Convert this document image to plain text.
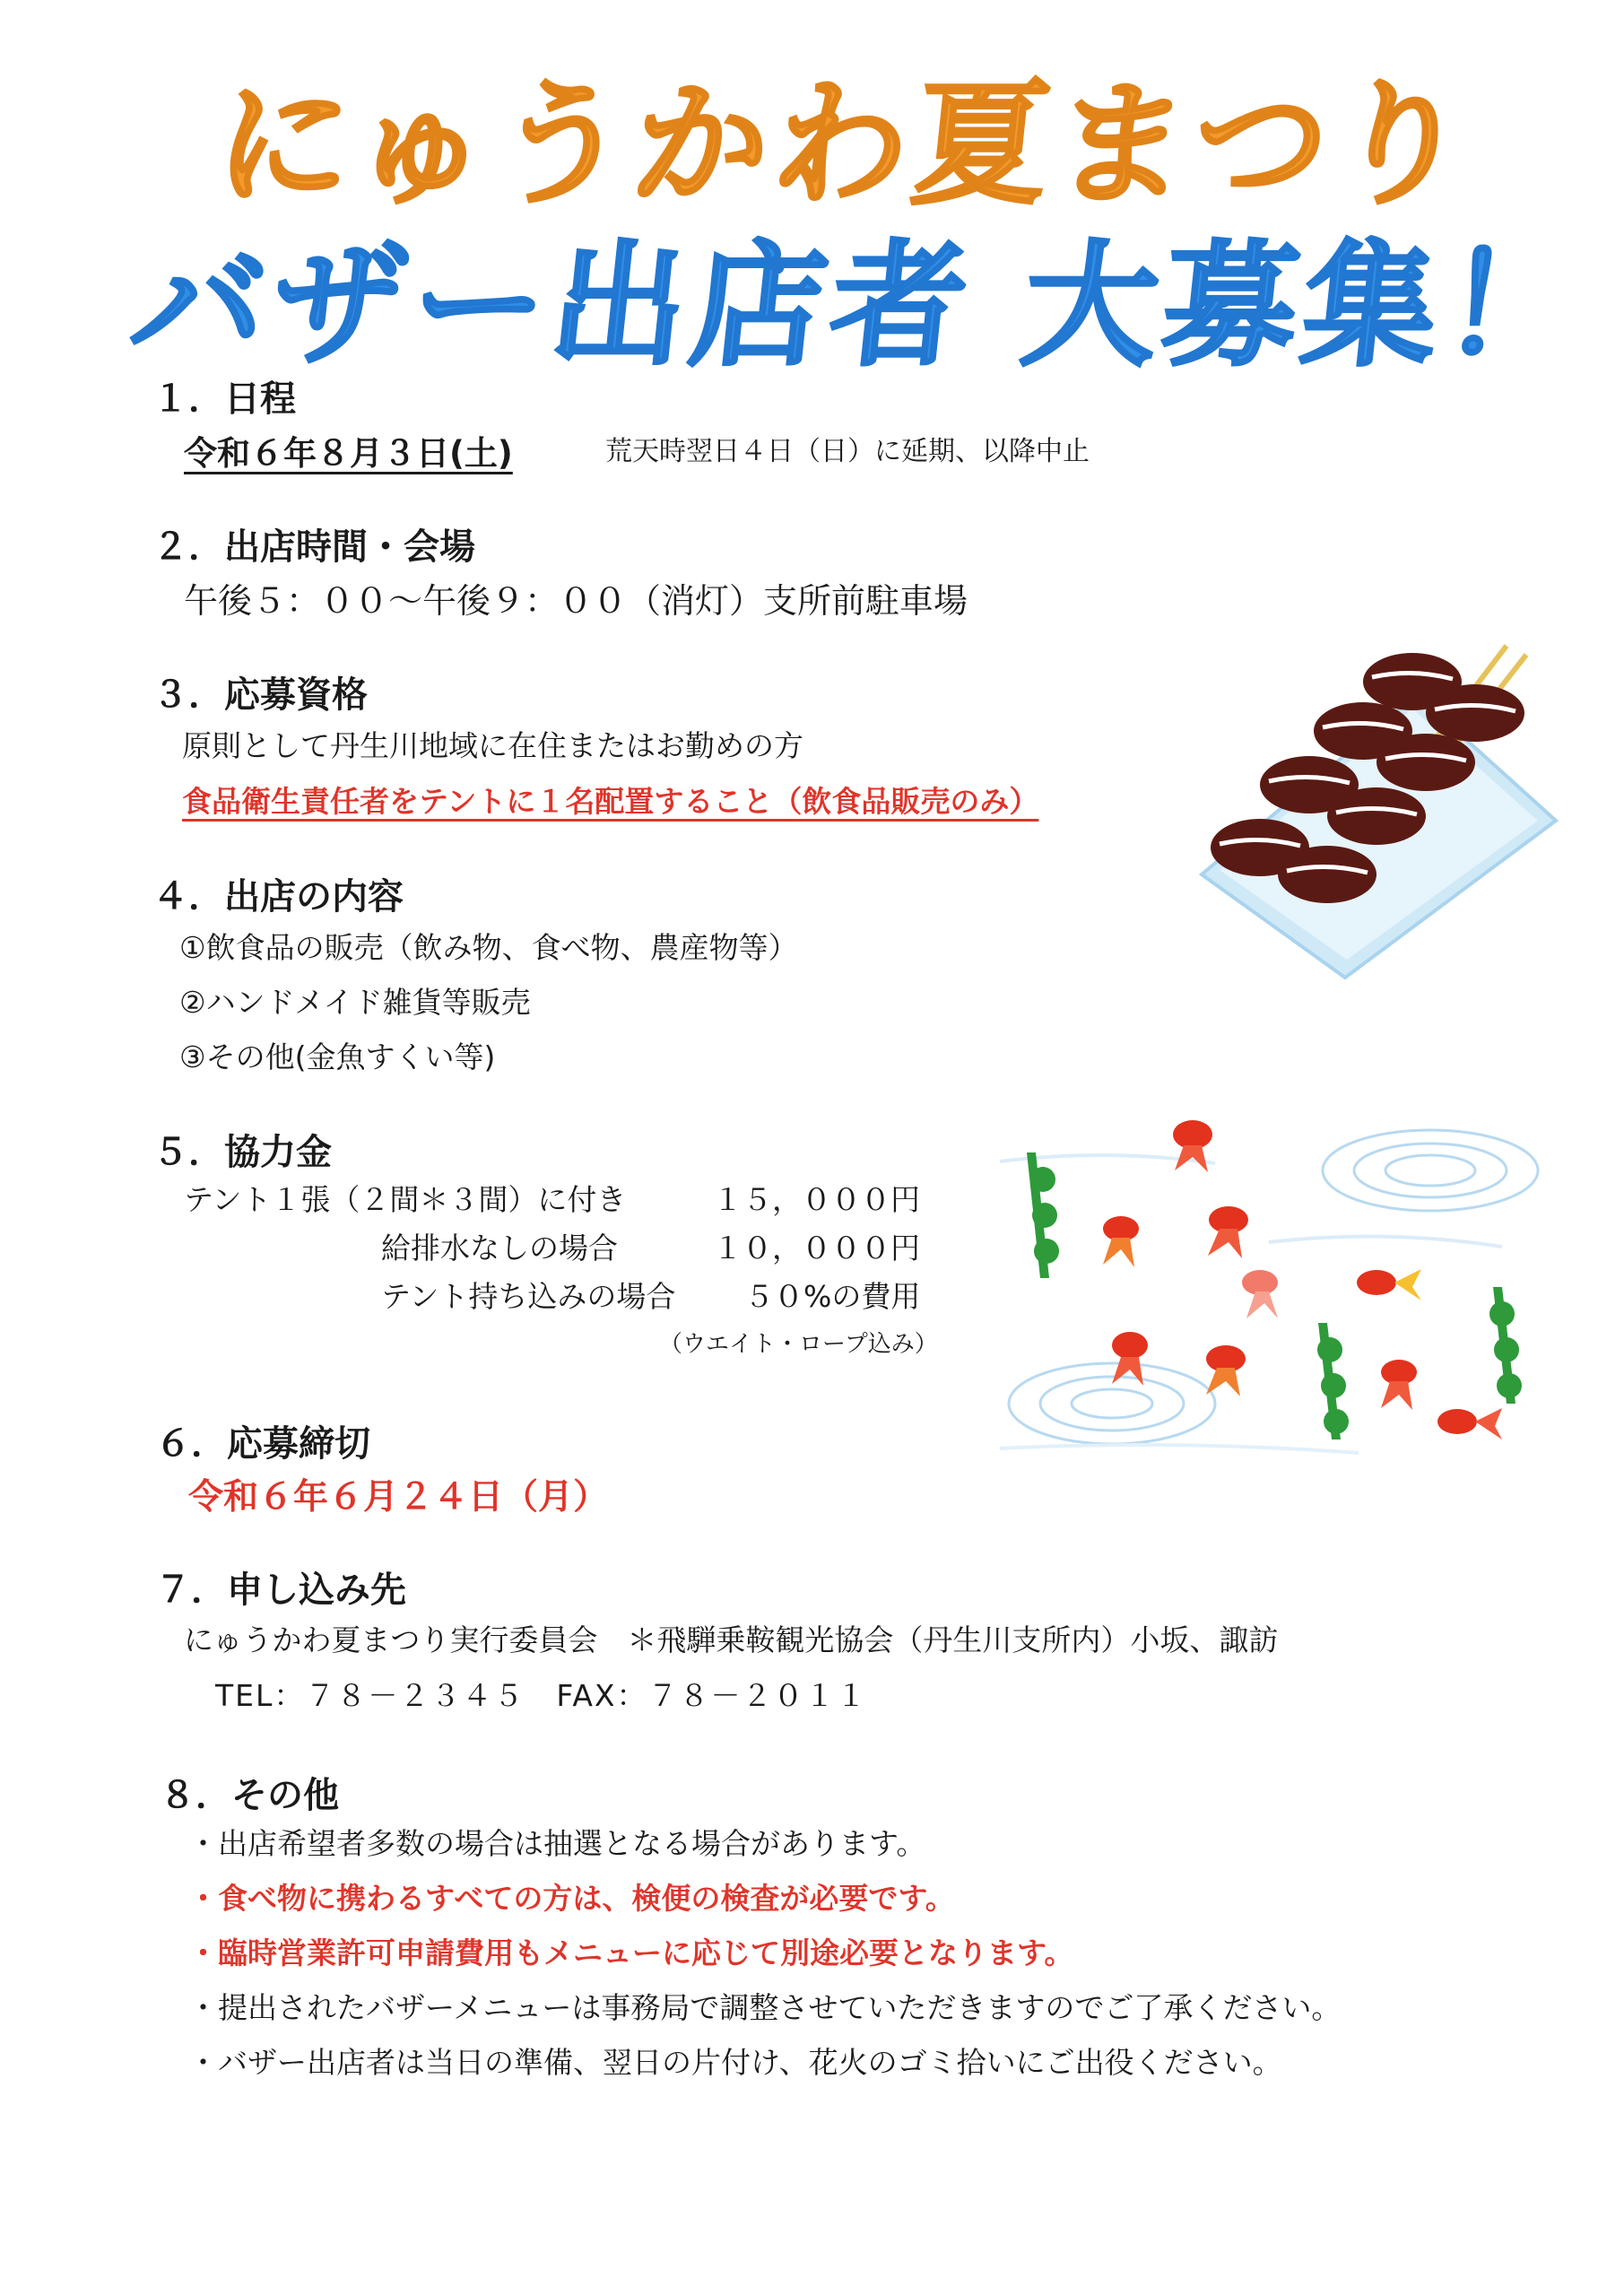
にゅうかわ夏まつり
バザー出店者 大募集！
１．日程
令和６年８月３日(土)	荒天時翌日４日（日）に延期、以降中止
２．出店時間・会場
午後５：００～午後９：００（消灯）支所前駐車場
３．応募資格
原則として丹生川地域に在住またはお勤めの方
食品衛生責任者をテントに１名配置すること（飲食品販売のみ）
４．出店の内容
①飲食品の販売（飲み物、食べ物、農産物等）
②ハンドメイド雑貨等販売
③その他(金魚すくい等)
５．協力金
テント１張（２間＊３間）に付き	１５，０００円
給排水なしの場合	１０，０００円
テント持ち込みの場合 ５０%の費用
（ウエイト・ロープ込み）
６．応募締切
令和６年６月２４日（月）
７．申し込み先
にゅうかわ夏まつり実行委員会　＊飛騨乗鞍観光協会（丹生川支所内）小坂、諏訪
TEL：７８－２３４５　FAX：７８－２０１１
８．その他
・出店希望者多数の場合は抽選となる場合があります。
・食べ物に携わるすべての方は、検便の検査が必要です。
・臨時営業許可申請費用もメニューに応じて別途必要となります。
・提出されたバザーメニューは事務局で調整させていただきますのでご了承ください。
・バザー出店者は当日の準備、翌日の片付け、花火のゴミ拾いにご出役ください。
